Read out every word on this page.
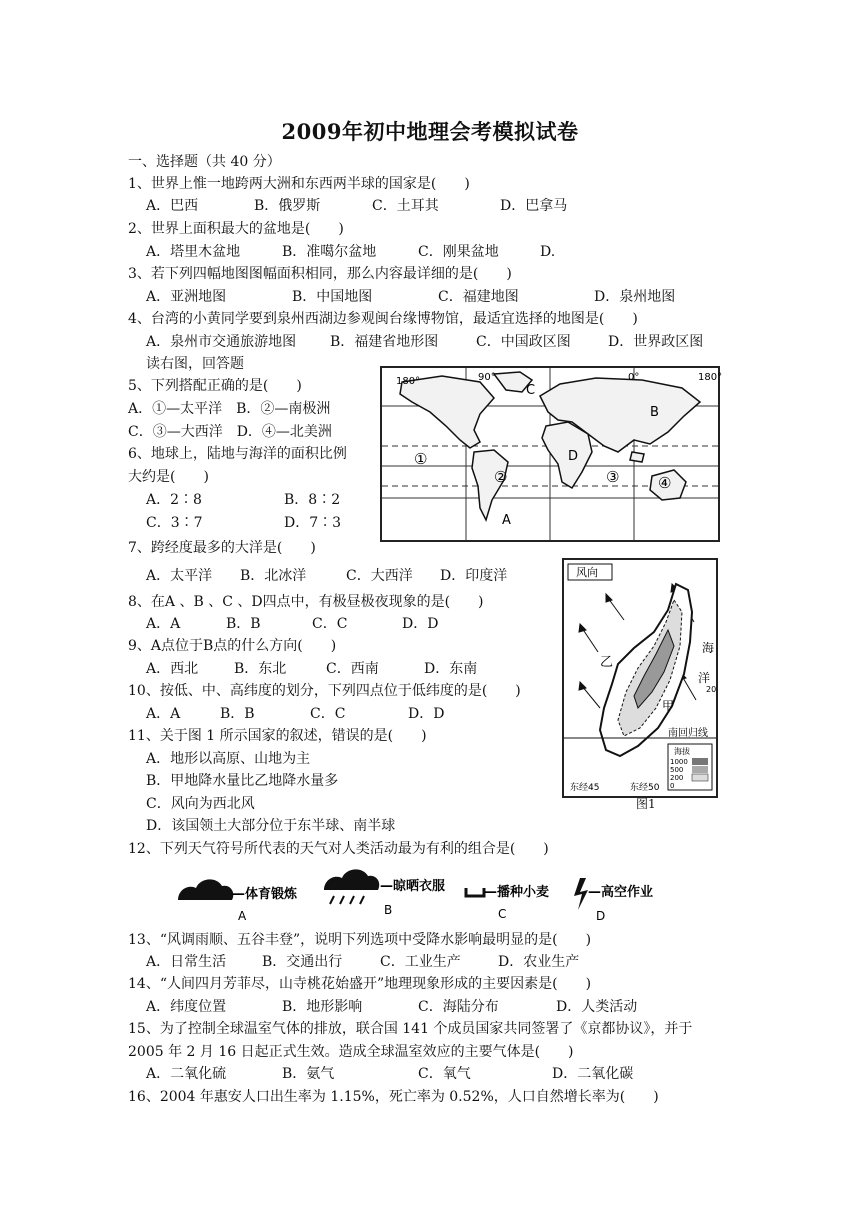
2009年初中地理会考模拟试卷
一、选择题（共 40 分）
1、世界上惟一地跨两大洲和东西两半球的国家是(　　)
A．巴西	B．俄罗斯	C．土耳其	D．巴拿马
2、世界上面积最大的盆地是(　　)
A．塔里木盆地	B．准噶尔盆地	C．刚果盆地	D.
3、若下列四幅地图图幅面积相同，那么内容最详细的是(　　)
A．亚洲地图	B．中国地图	C．福建地图	D．泉州地图
4、台湾的小黄同学要到泉州西湖边参观闽台缘博物馆，最适宜选择的地图是(　　)
A．泉州市交通旅游地图 B．福建省地形图	C．中国政区图	D．世界政区图
读右图，回答题
5、下列搭配正确的是(　　)
A．①—太平洋　B．②—南极洲
C．③—大西洋　D．④—北美洲
6、地球上，陆地与海洋的面积比例
大约是(　　)
A．2∶8	B．8∶2
C．3∶7	D．7∶3
180°	90°	0°	180°
①
②	③	④
A
B
C
D
7、跨经度最多的大洋是(　　)
A．太平洋 B．北冰洋	C．大西洋 D．印度洋
8、在A 、B 、C 、D四点中，有极昼极夜现象的是(　　)
A．A	B．B	C．C	D．D
9、A点位于B点的什么方向(　　)
A．西北	B．东北	C．西南	D．东南
10、按低、中、高纬度的划分，下列四点位于低纬度的是(　　)
A．A	B．B	C．C	D．D
11、关于图 1 所示国家的叙述，错误的是(　　)
A．地形以高原、山地为主
B．甲地降水量比乙地降水量多
C．风向为西北风
D．该国领土大部分位于东半球、南半球
风向
南回归线
海
洋
20
乙
甲
海拔
1000
500
200
0
东经45	东经50
图1
12、下列天气符号所代表的天气对人类活动最为有利的组合是(　　)
—体育锻炼
A
—晾晒衣服
B
—播种小麦
C
—高空作业
D
13、“风调雨顺、五谷丰登”，说明下列选项中受降水影响最明显的是(　　)
A．日常生活	B．交通出行	C．工业生产	D．农业生产
14、“人间四月芳菲尽，山寺桃花始盛开”地理现象形成的主要因素是(　　)
A．纬度位置	B．地形影响	C．海陆分布	D．人类活动
15、为了控制全球温室气体的排放，联合国 141 个成员国家共同签署了《京都协议》，并于
2005 年 2 月 16 日起正式生效。造成全球温室效应的主要气体是(　　)
A．二氧化硫	B．氨气	C．氧气	D．二氧化碳
16、2004 年惠安人口出生率为 1.15%，死亡率为 0.52%，人口自然增长率为(　　)
